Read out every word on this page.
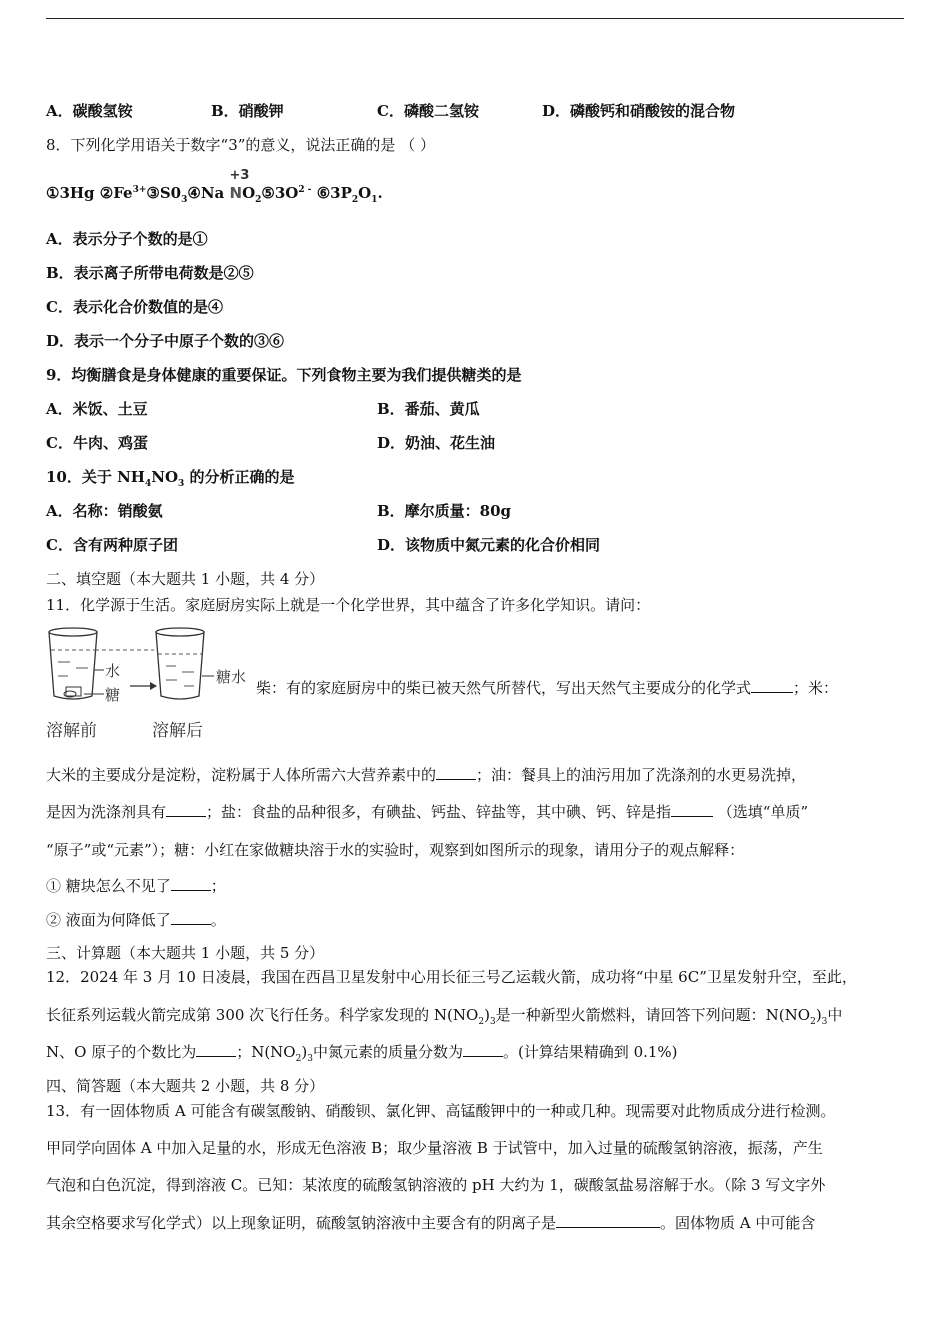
A．碳酸氢铵	B．硝酸钾	C．磷酸二氢铵	D．磷酸钙和硝酸铵的混合物
8．下列化学用语关于数字“3”的意义，说法正确的是 （ ）
①3Hg $②Fe^{3+}③S0_3④Na$
+3
$NO_2⑤3O^{2 -}$ $⑥3P_2O_1$.
A．表示分子个数的是①
B．表示离子所带电荷数是②⑤
C．表示化合价数值的是④
D．表示一个分子中原子个数的③⑥
9．均衡膳食是身体健康的重要保证。下列食物主要为我们提供糖类的是
A．米饭、土豆	B．番茄、黄瓜
C．牛肉、鸡蛋	D．奶油、花生油
10．关于 $NH_4NO_3$ 的分析正确的是
A．名称：销酸氨	B．摩尔质量：80g
C．含有两种原子团	D．该物质中氮元素的化合价相同
二、填空题（本大题共 1 小题，共 4 分）
11．化学源于生活。家庭厨房实际上就是一个化学世界，其中蕴含了许多化学知识。请问：
水
糖
糖水
溶解前	溶解后
柴：有的家庭厨房中的柴已被天然气所替代，写出天然气主要成分的化学式	；米：
大米的主要成分是淀粉，淀粉属于人体所需六大营养素中的	；油：餐具上的油污用加了洗涤剂的水更易洗掉，
是因为洗涤剂具有	；盐：食盐的品种很多，有碘盐、钙盐、锌盐等，其中碘、钙、锌是指	（选填“单质”
“原子”或“元素”）；糖：小红在家做糖块溶于水的实验时，观察到如图所示的现象，请用分子的观点解释：
① 糖块怎么不见了	；
② 液面为何降低了	。
三、计算题（本大题共 1 小题，共 5 分）
12．2024 年 3 月 10 日凌晨，我国在西昌卫星发射中心用长征三号乙运载火箭，成功将“中星 6C”卫星发射升空，至此，
长征系列运载火箭完成第 300 次飞行任务。科学家发现的 $N(NO_2)_3$是一种新型火箭燃料，请回答下列问题：$N(NO_2)_3$中
N、O 原子的个数比为	；$N(NO_2)_3$中氮元素的质量分数为	。(计算结果精确到 0.1%)
四、简答题（本大题共 2 小题，共 8 分）
13．有一固体物质 A 可能含有碳氢酸钠、硝酸钡、氯化钾、高锰酸钾中的一种或几种。现需要对此物质成分进行检测。
甲同学向固体 A 中加入足量的水，形成无色溶液 B；取少量溶液 B 于试管中，加入过量的硫酸氢钠溶液，振荡，产生
气泡和白色沉淀，得到溶液 C。已知：某浓度的硫酸氢钠溶液的 pH 大约为 1，碳酸氢盐易溶解于水。（除 3 写文字外
其余空格要求写化学式）以上现象证明，硫酸氢钠溶液中主要含有的阴离子是	。固体物质 A 中可能含
